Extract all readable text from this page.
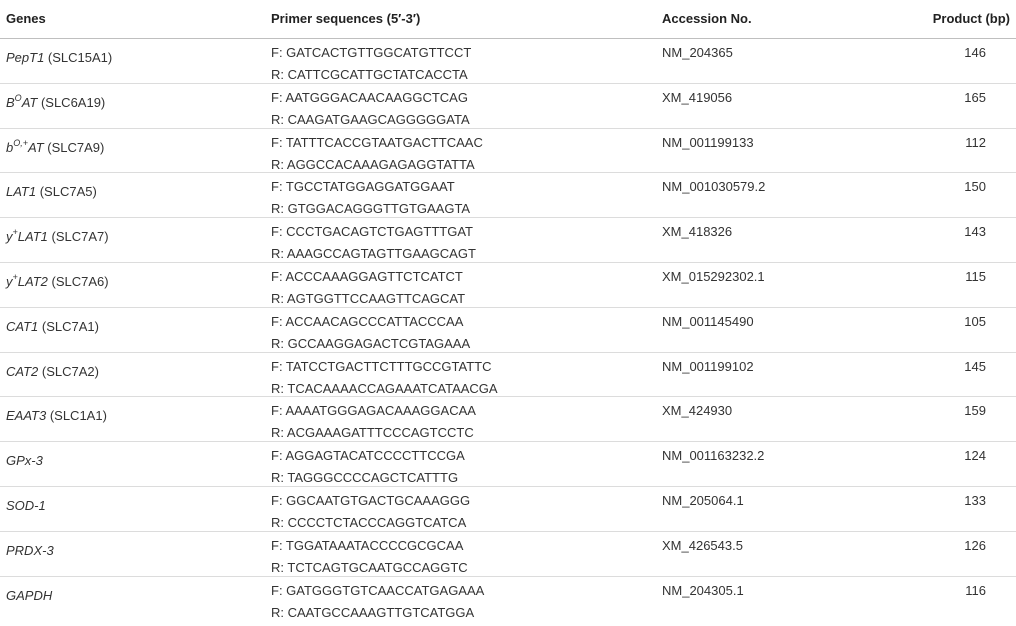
Genes	Primer sequences (5′-3′)	Accession No.	Product (bp)
PepT1 (SLC15A1)	F: GATCACTGTTGGCATGTTCCT
R: CATTCGCATTGCTATCACCTA
NM_204365	146
$B^OAT$ (SLC6A19)	F: AATGGGACAACAAGGCTCAG
R: CAAGATGAAGCAGGGGGATA
XM_419056	165
$b^{O,+}AT$ (SLC7A9)	F: TATTTCACCGTAATGACTTCAAC
R: AGGCCACAAAGAGAGGTATTA
NM_001199133	112
LAT1 (SLC7A5)	F: TGCCTATGGAGGATGGAAT
R: GTGGACAGGGTTGTGAAGTA
NM_001030579.2	150
y+LAT1 (SLC7A7)	F: CCCTGACAGTCTGAGTTTGAT
R: AAAGCCAGTAGTTGAAGCAGT
XM_418326	143
y+LAT2 (SLC7A6)	F: ACCCAAAGGAGTTCTCATCT
R: AGTGGTTCCAAGTTCAGCAT
XM_015292302.1	115
CAT1 (SLC7A1)	F: ACCAACAGCCCATTACCCAA
R: GCCAAGGAGACTCGTAGAAA
NM_001145490	105
CAT2 (SLC7A2)	F: TATCCTGACTTCTTTGCCGTATTC
R: TCACAAAACCAGAAATCATAACGA
NM_001199102	145
EAAT3 (SLC1A1)	F: AAAATGGGAGACAAAGGACAA
R: ACGAAAGATTTCCCAGTCCTC
XM_424930	159
GPx-3	F: AGGAGTACATCCCCTTCCGA
R: TAGGGCCCCAGCTCATTTG
NM_001163232.2	124
SOD-1	F: GGCAATGTGACTGCAAAGGG
R: CCCCTCTACCCAGGTCATCA
NM_205064.1	133
PRDX-3	F: TGGATAAATACCCCGCGCAA
R: TCTCAGTGCAATGCCAGGTC
XM_426543.5	126
GAPDH	F: GATGGGTGTCAACCATGAGAAA
R: CAATGCCAAAGTTGTCATGGA
NM_204305.1	116
